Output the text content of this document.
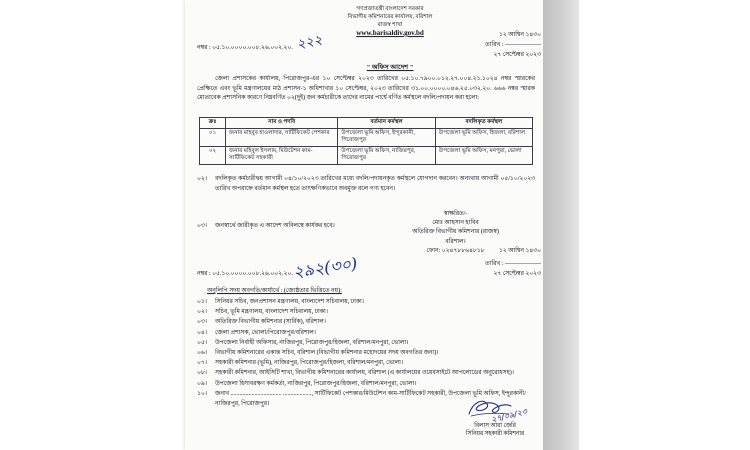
গণপ্রজাতন্ত্রী বাংলাদেশ সরকার
বিভাগীয় কমিশনারের কার্যালয়, বরিশাল
রাজস্ব শাখা
www.barisaldiv.gov.bd
নম্বর : ০৫.১০.০০০০.০০৮.২৬.০০২.২০. ২২২	১২ আশ্বিন ১৪৩০
তারিখ : ------------------
২৭ সেপ্টেম্বর ২০২৩
" অফিস আদেশ "
জেলা প্রশাসকের কার্যালয়, পিরোজপুর-এর ১০ সেপ্টেম্বর ২০২৩ তারিখের ০৫.১০.৭৯০০.০১২.২৭.০০৪.২১.১০২৪ নম্বর স্মারকের প্রেক্ষিতে এবং ভূমি মন্ত্রণালয়ের মাঠ প্রশাসন-১ অধিশাখার ১০ সেপ্টেম্বর, ২০২৩ তারিখের ৩১.০০.০০০০.০৪৬.২৫.০৩২.২০. ৬৬৬ নম্বর স্মারক মোতাবেক প্রশাসনিক কারণে নিম্নবর্ণিত ০২(দুই) জন কর্মচারীকে তাদের নামের পার্শ্বে বর্ণিত কর্মস্থলে বদলি/পদায়ন করা হলো:
ক্রঃ	নাম ও পদবি	বর্তমান কর্মস্থল	বদলিকৃত কর্মস্থল
০১	জনাব মাহবুব হাওলাদার, সার্টিফিকেট পেশকার	উপজেলা ভূমি অফিস, ইন্দুরকানী, পিরোজপুর	উপজেলা ভূমি অফিস, হিজলা, বরিশাল
০২	জনাব মহিবুল ইসলাম, মিউটেশন কাম-সার্টিফিকেট সহকারী	উপজেলা ভূমি অফিস, নাজিরপুর, পিরোজপুর	উপজেলা ভূমি অফিস, মনপুরা, ভোলা
০২। বদলিকৃত কর্মচারীদ্বয় আগামী ০৪/১০/২০২৩ তারিখের মধ্যে বদলি/পদায়নকৃত কর্মস্থলে যোগদান করবেন। অন্যথায় আগামী ০৫/১০/২০২৩ তারিখ অপরাহ্নে বর্তমান কর্মস্থল হতে তাৎক্ষণিকভাবে অবমুক্ত বলে গণ্য হবেন।
০৩। জনস্বার্থে জারীকৃত এ আদেশ অবিলম্বে কার্যকর হবে।
স্বাক্ষরিত/-
মোঃ আহসান হাবিব
অতিরিক্ত বিভাগীয় কমিশনার (রাজস্ব)
বরিশাল।
ফোন: ০২৪৭৮৮৬৪৮১৮
নম্বর : ০৫.১০.০০০০.০০৮.২৬.০০২.২০. ২৯২(৩০)
১২ আশ্বিন ১৪৩০
তারিখ : ------------------
২৭ সেপ্টেম্বর ২০২৩
অনুলিপি সদয় অবগতি/কার্যার্থে : (জ্যেষ্ঠতার ভিত্তিতে নয়):
০১। সিনিয়র সচিব, জনপ্রশাসন মন্ত্রণালয়, বাংলাদেশ সচিবালয়, ঢাকা।
০২। সচিব, ভূমি মন্ত্রণালয়, বাংলাদেশ সচিবালয়, ঢাকা।
০৩। অতিরিক্ত বিভাগীয় কমিশনার (সার্বিক), বরিশাল।
০৪। জেলা প্রশাসক, ভোলা/পিরোজপুর/বরিশাল।
০৫। উপজেলা নির্বাহী অফিসার, নাজিরপুর, পিরোজপুর/হিজলা, বরিশাল/মনপুরা, ভোলা।
০৬। বিভাগীয় কমিশনারের একান্ত সচিব, বরিশাল (বিভাগীয় কমিশনার মহোদয়ের সদয় অবগতির জন্য)।
০৭। সহকারী কমিশনার (ভূমি), নাজিরপুর, পিরোজপুর/হিজলা, বরিশাল/মনপুরা, ভোলা।
০৮। সহকারী কমিশনার, আইসিটি শাখা, বিভাগীয় কমিশনারের কার্যালয়, বরিশাল (এ কার্যালয়ের ওয়েবসাইটে আপলোডের অনুরোধসহ)।
০৯। উপজেলা হিসাবরক্ষণ কর্মকর্তা, নাজিরপুর, পিরোজপুর/হিজলা, বরিশাল/মনপুরা, ভোলা।
১০। জনাব .................................. ..................., সার্টিফিকেট পেশকার/মিউটেশন কাম-সার্টিফিকেট সহকারী, উপজেলা ভূমি অফিস, ইন্দুরকানী/নাজিরপুর, পিরোজপুর।
২৭/০৯/২৩
বিলাস আরা জেরি
সিনিয়র সহকারী কমিশনার
